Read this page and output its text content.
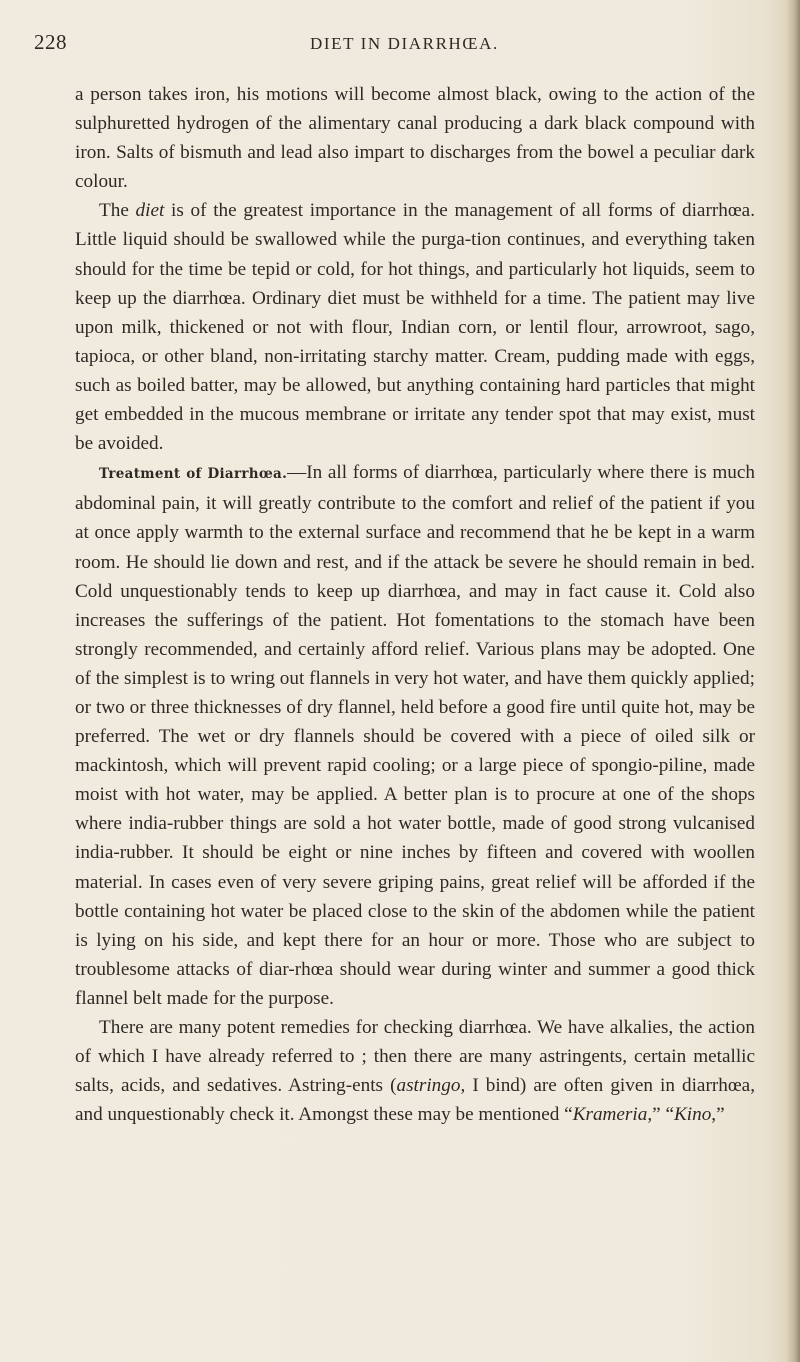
228	DIET IN DIARRHŒA.

a person takes iron, his motions will become almost black, owing to the action of the sulphuretted hydrogen of the alimentary canal producing a dark black compound with iron. Salts of bismuth and lead also impart to discharges from the bowel a peculiar dark colour.

The diet is of the greatest importance in the management of all forms of diarrhœa. Little liquid should be swallowed while the purga-tion continues, and everything taken should for the time be tepid or cold, for hot things, and particularly hot liquids, seem to keep up the diarrhœa. Ordinary diet must be withheld for a time. The patient may live upon milk, thickened or not with flour, Indian corn, or lentil flour, arrowroot, sago, tapioca, or other bland, non-irritating starchy matter. Cream, pudding made with eggs, such as boiled batter, may be allowed, but anything containing hard particles that might get embedded in the mucous membrane or irritate any tender spot that may exist, must be avoided.

Treatment of Diarrhœa.—In all forms of diarrhœa, particularly where there is much abdominal pain, it will greatly contribute to the comfort and relief of the patient if you at once apply warmth to the external surface and recommend that he be kept in a warm room. He should lie down and rest, and if the attack be severe he should remain in bed. Cold unquestionably tends to keep up diarrhœa, and may in fact cause it. Cold also increases the sufferings of the patient. Hot fomentations to the stomach have been strongly recommended, and certainly afford relief. Various plans may be adopted. One of the simplest is to wring out flannels in very hot water, and have them quickly applied; or two or three thicknesses of dry flannel, held before a good fire until quite hot, may be preferred. The wet or dry flannels should be covered with a piece of oiled silk or mackintosh, which will prevent rapid cooling; or a large piece of spongio-piline, made moist with hot water, may be applied. A better plan is to procure at one of the shops where india-rubber things are sold a hot water bottle, made of good strong vulcanised india-rubber. It should be eight or nine inches by fifteen and covered with woollen material. In cases even of very severe griping pains, great relief will be afforded if the bottle containing hot water be placed close to the skin of the abdomen while the patient is lying on his side, and kept there for an hour or more. Those who are subject to troublesome attacks of diar-rhœa should wear during winter and summer a good thick flannel belt made for the purpose.

There are many potent remedies for checking diarrhœa. We have alkalies, the action of which I have already referred to ; then there are many astringents, certain metallic salts, acids, and sedatives. Astring-ents (astringo, I bind) are often given in diarrhœa, and unquestionably check it. Amongst these may be mentioned “Krameria,” “Kino,”
